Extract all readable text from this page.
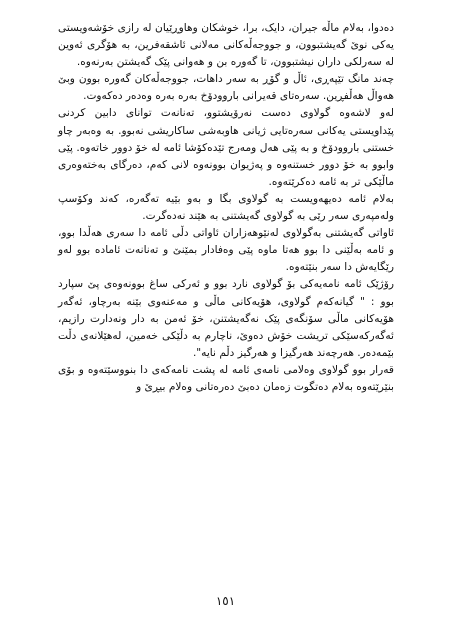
دەدوا، بەلام ماڵە جیران، دایک، برا، خوشکان وهاوڕێیان لە رازی خۆشەویستی یەکی نوێ گەیشتبوون، و جووجەڵەکانی مەلانی ئاشقەفرین، بە هۆگری ئەوین لە سەرلکی داران نیشتبوون، تا گەورە بن و هەوانی پێک گەیشتن بەرنەوە.

چەند مانگ تێپەڕی، ئاڵ و گۆڕ بە سەر داهات، جووجەڵەکان گەورە بوون وبێ هەواڵ هەڵفڕین. سەرەتای قەیرانی باروودۆخ بەرە بەرە وەدەر دەکەوت.

لەو لاشەوە گولاوی دەست نەرۆیشتوو، تەنانەت توانای دابین کردنی پێداویستی یەکانی سەرەتایی ژیانی هاوبەشی ساکاریشی نەبوو. بە وەبەر چاو خستنی باروودۆخ و بە پێی هەل ومەرج تێدەکۆشا ئامە لە خۆ دوور خاتەوە. پێی وابوو بە خۆ دوور خستنەوە و پەژیوان بوونەوە لانی کەم، دەرگای بەختەوەری ماڵێکی تر بە ئامە دەکرێتەوە.

بەلام ئامە دەیهەویست بە گولاوی بگا و بەو بێیە تەگەرە، کەند وکۆسپ ولەمپەری سەر رێی بە گولاوی گەیشتنی بە هێند نەدەگرت.

ئاواتی گەیشتنی بەگولاوی لەنێوهەزاران ئاواتی دڵی ئامە دا سەری هەڵدا بوو، و ئامە بەڵێنی دا بوو هەتا ماوە پێی وەفادار بمێنێ و تەنانەت ئامادە بوو لەو رێگایەش دا سەر بنێتەوە.

رۆژێک ئامە نامەیەکی بۆ گولاوی نارد بوو و ئەرکی ساغ بوونەوەی پێ سپارد بوو : " گیانەکەم گولاوی، هۆیەکانی ماڵی و مەعنەوی بێنە بەرچاو، ئەگەر هۆیەکانی ماڵی سۆنگەی پێک نەگەیشتنن، خۆ ئەمن بە دار ونەدارت رازیم، ئەگەرکەسێکی تریشت خۆش دەوێ، ناچارم بە دڵێکی خەمین، لەهێلانەی دڵت بێمەدەر. هەرچەند هەرگیزا و هەرگیز دڵم نایە".

قەرار بوو گولاوی وەلامی نامەی ئامە لە پشت نامەکەی دا بنووسێتەوە و بۆی بنێرێتەوە بەلام دەتگوت زەمان دەبێ دەرەتانی وەلام بیڕێ و

١٥١
